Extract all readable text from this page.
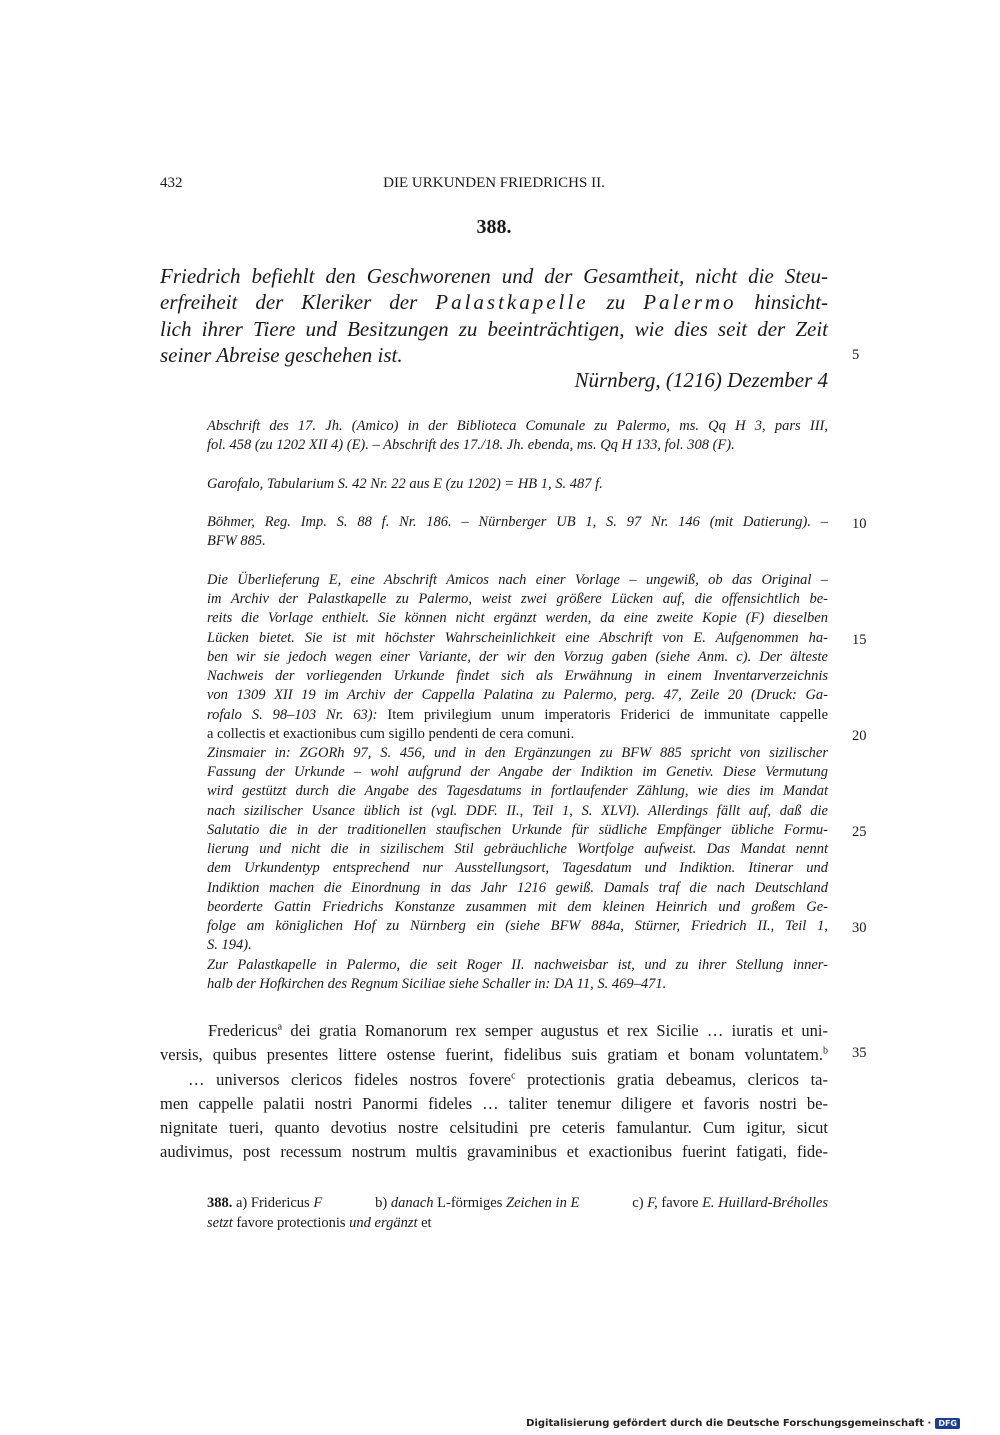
432	DIE URKUNDEN FRIEDRICHS II.
388.
Friedrich befiehlt den Geschworenen und der Gesamtheit, nicht die Steu-
erfreiheit der Kleriker der Palastkapelle zu Palermo hinsicht-
lich ihrer Tiere und Besitzungen zu beeinträchtigen, wie dies seit der Zeit
seiner Abreise geschehen ist.
Nürnberg, (1216) Dezember 4
Abschrift des 17. Jh. (Amico) in der Biblioteca Comunale zu Palermo, ms. Qq H 3, pars III,
fol. 458 (zu 1202 XII 4) (E). – Abschrift des 17./18. Jh. ebenda, ms. Qq H 133, fol. 308 (F).
Garofalo, Tabularium S. 42 Nr. 22 aus E (zu 1202) = HB 1, S. 487 f.
Böhmer, Reg. Imp. S. 88 f. Nr. 186. – Nürnberger UB 1, S. 97 Nr. 146 (mit Datierung). –
BFW 885.
Die Überlieferung E, eine Abschrift Amicos nach einer Vorlage – ungewiß, ob das Original –
im Archiv der Palastkapelle zu Palermo, weist zwei größere Lücken auf, die offensichtlich be-
reits die Vorlage enthielt. Sie können nicht ergänzt werden, da eine zweite Kopie (F) dieselben
Lücken bietet. Sie ist mit höchster Wahrscheinlichkeit eine Abschrift von E. Aufgenommen ha-
ben wir sie jedoch wegen einer Variante, der wir den Vorzug gaben (siehe Anm. c). Der älteste
Nachweis der vorliegenden Urkunde findet sich als Erwähnung in einem Inventarverzeichnis
von 1309 XII 19 im Archiv der Cappella Palatina zu Palermo, perg. 47, Zeile 20 (Druck: Ga-
rofalo S. 98–103 Nr. 63): Item privilegium unum imperatoris Friderici de immunitate cappelle
a collectis et exactionibus cum sigillo pendenti de cera comuni.
Zinsmaier in: ZGORh 97, S. 456, und in den Ergänzungen zu BFW 885 spricht von sizilischer
Fassung der Urkunde – wohl aufgrund der Angabe der Indiktion im Genetiv. Diese Vermutung
wird gestützt durch die Angabe des Tagesdatums in fortlaufender Zählung, wie dies im Mandat
nach sizilischer Usance üblich ist (vgl. DDF. II., Teil 1, S. XLVI). Allerdings fällt auf, daß die
Salutatio die in der traditionellen staufischen Urkunde für südliche Empfänger übliche Formu-
lierung und nicht die in sizilischem Stil gebräuchliche Wortfolge aufweist. Das Mandat nennt
dem Urkundentyp entsprechend nur Ausstellungsort, Tagesdatum und Indiktion. Itinerar und
Indiktion machen die Einordnung in das Jahr 1216 gewiß. Damals traf die nach Deutschland
beorderte Gattin Friedrichs Konstanze zusammen mit dem kleinen Heinrich und großem Ge-
folge am königlichen Hof zu Nürnberg ein (siehe BFW 884a, Stürner, Friedrich II., Teil 1,
S. 194).
Zur Palastkapelle in Palermo, die seit Roger II. nachweisbar ist, und zu ihrer Stellung inner-
halb der Hofkirchen des Regnum Siciliae siehe Schaller in: DA 11, S. 469–471.
Fredericus$^a$ dei gratia Romanorum rex semper augustus et rex Sicilie … iuratis et uni-
versis, quibus presentes littere ostense fuerint, fidelibus suis gratiam et bonam voluntatem.$^b$
… universos clericos fideles nostros fovere$^c$ protectionis gratia debeamus, clericos ta-
men cappelle palatii nostri Panormi fideles … taliter tenemur diligere et favoris nostri be-
nignitate tueri, quanto devotius nostre celsitudini pre ceteris famulantur. Cum igitur, sicut
audivimus, post recessum nostrum multis gravaminibus et exactionibus fuerint fatigati, fide-
388. a) Fridericus F	b) danach L-förmiges Zeichen in E	c) F, favore E. Huillard-Bréholles
setzt favore protectionis und ergänzt et
5
10
15
20
25
30
35
Digitalisierung gefördert durch die Deutsche Forschungsgemeinschaft · DFG
